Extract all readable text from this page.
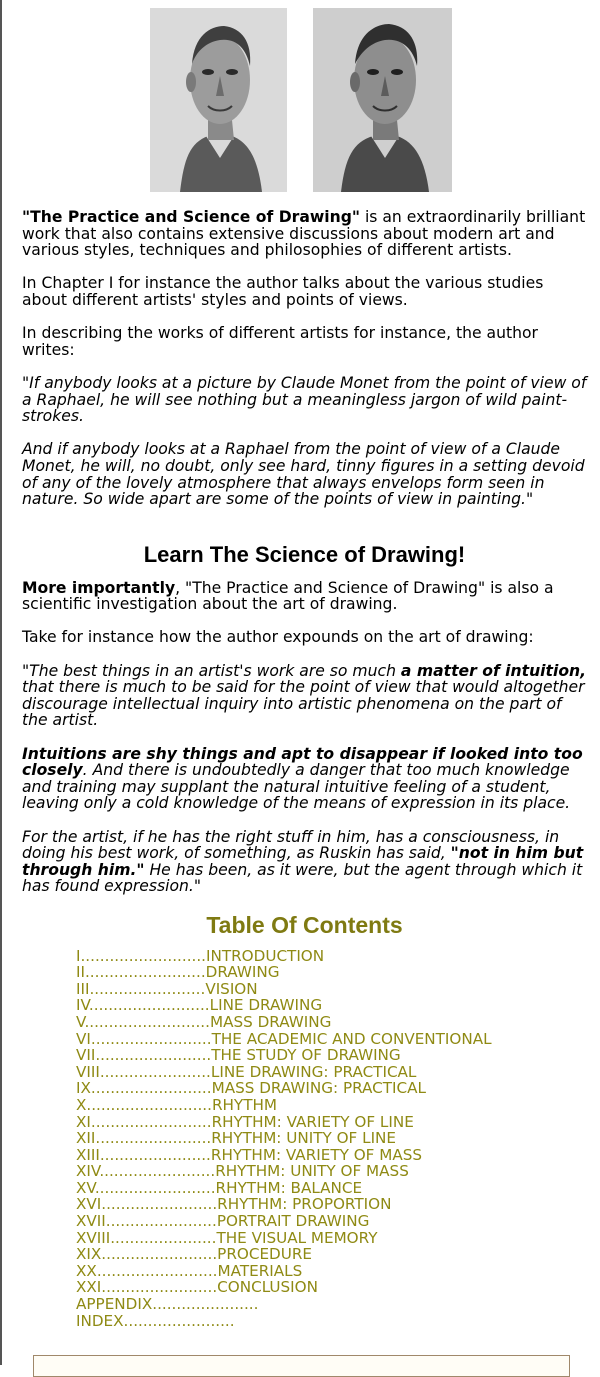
"The Practice and Science of Drawing" is an extraordinarily brilliant work that also contains extensive discussions about modern art and various styles, techniques and philosophies of different artists.

In Chapter I for instance the author talks about the various studies about different artists' styles and points of views.

In describing the works of different artists for instance, the author writes:

"If anybody looks at a picture by Claude Monet from the point of view of a Raphael, he will see nothing but a meaningless jargon of wild paint-strokes.

And if anybody looks at a Raphael from the point of view of a Claude Monet, he will, no doubt, only see hard, tinny figures in a setting devoid of any of the lovely atmosphere that always envelops form seen in nature. So wide apart are some of the points of view in painting."

Learn The Science of Drawing!

More importantly, "The Practice and Science of Drawing" is also a scientific investigation about the art of drawing.

Take for instance how the author expounds on the art of drawing:

"The best things in an artist's work are so much a matter of intuition, that there is much to be said for the point of view that would altogether discourage intellectual inquiry into artistic phenomena on the part of the artist.

Intuitions are shy things and apt to disappear if looked into too closely. And there is undoubtedly a danger that too much knowledge and training may supplant the natural intuitive feeling of a student, leaving only a cold knowledge of the means of expression in its place.

For the artist, if he has the right stuff in him, has a consciousness, in doing his best work, of something, as Ruskin has said, "not in him but through him." He has been, as it were, but the agent through which it has found expression."

Table Of Contents
I..........................INTRODUCTION
II.........................DRAWING
III........................VISION
IV.........................LINE DRAWING
V..........................MASS DRAWING
VI.........................THE ACADEMIC AND CONVENTIONAL
VII........................THE STUDY OF DRAWING
VIII.......................LINE DRAWING: PRACTICAL
IX.........................MASS DRAWING: PRACTICAL
X..........................RHYTHM
XI.........................RHYTHM: VARIETY OF LINE
XII........................RHYTHM: UNITY OF LINE
XIII.......................RHYTHM: VARIETY OF MASS
XIV........................RHYTHM: UNITY OF MASS
XV.........................RHYTHM: BALANCE
XVI........................RHYTHM: PROPORTION
XVII.......................PORTRAIT DRAWING
XVIII......................THE VISUAL MEMORY
XIX........................PROCEDURE
XX.........................MATERIALS
XXI........................CONCLUSION
APPENDIX......................
INDEX.......................
